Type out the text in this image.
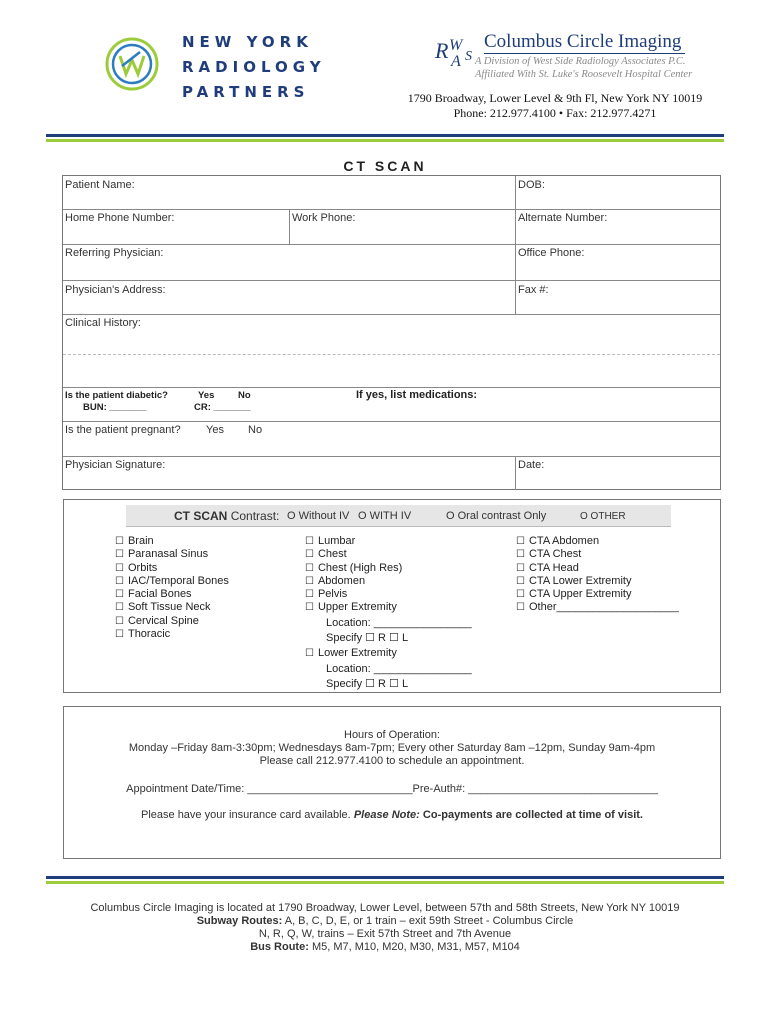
NEW YORK
RADIOLOGY
PARTNERS
R W
A S
Columbus Circle Imaging
A Division of West Side Radiology Associates P.C.
Affiliated With St. Luke's Roosevelt Hospital Center
1790 Broadway, Lower Level & 9th Fl, New York NY 10019
Phone: 212.977.4100 • Fax: 212.977.4271
CT SCAN
Patient Name:	DOB:
Home Phone Number:	Work Phone:	Alternate Number:
Referring Physician:	Office Phone:
Physician's Address:	Fax #:
Clinical History:
Is the patient diabetic?	Yes No
BUN: _______	CR: _______
If yes, list medications:
Is the patient pregnant? Yes No
Physician Signature:	Date:
CT SCAN Contrast: O Without IV O WITH IV	O Oral contrast Only	O OTHER
☐ Brain
☐ Paranasal Sinus
☐ Orbits
☐ IAC/Temporal Bones
☐ Facial Bones
☐ Soft Tissue Neck
☐ Cervical Spine
☐ Thoracic
☐ Lumbar
☐ Chest
☐ Chest (High Res)
☐ Abdomen
☐ Pelvis
☐ Upper Extremity
Location: ________________
Specify ☐ R ☐ L
☐ Lower Extremity
Location: ________________
Specify ☐ R ☐ L
☐ CTA Abdomen
☐ CTA Chest
☐ CTA Head
☐ CTA Lower Extremity
☐ CTA Upper Extremity
☐ Other____________________
Hours of Operation:
Monday –Friday 8am-3:30pm; Wednesdays 8am-7pm; Every other Saturday 8am –12pm, Sunday 9am-4pm
Please call 212.977.4100 to schedule an appointment.
Appointment Date/Time: ___________________________Pre-Auth#: _______________________________
Please have your insurance card available. Please Note: Co-payments are collected at time of visit.
Columbus Circle Imaging is located at 1790 Broadway, Lower Level, between 57th and 58th Streets, New York NY 10019
Subway Routes: A, B, C, D, E, or 1 train – exit 59th Street - Columbus Circle
N, R, Q, W, trains – Exit 57th Street and 7th Avenue
Bus Route: M5, M7, M10, M20, M30, M31, M57, M104
